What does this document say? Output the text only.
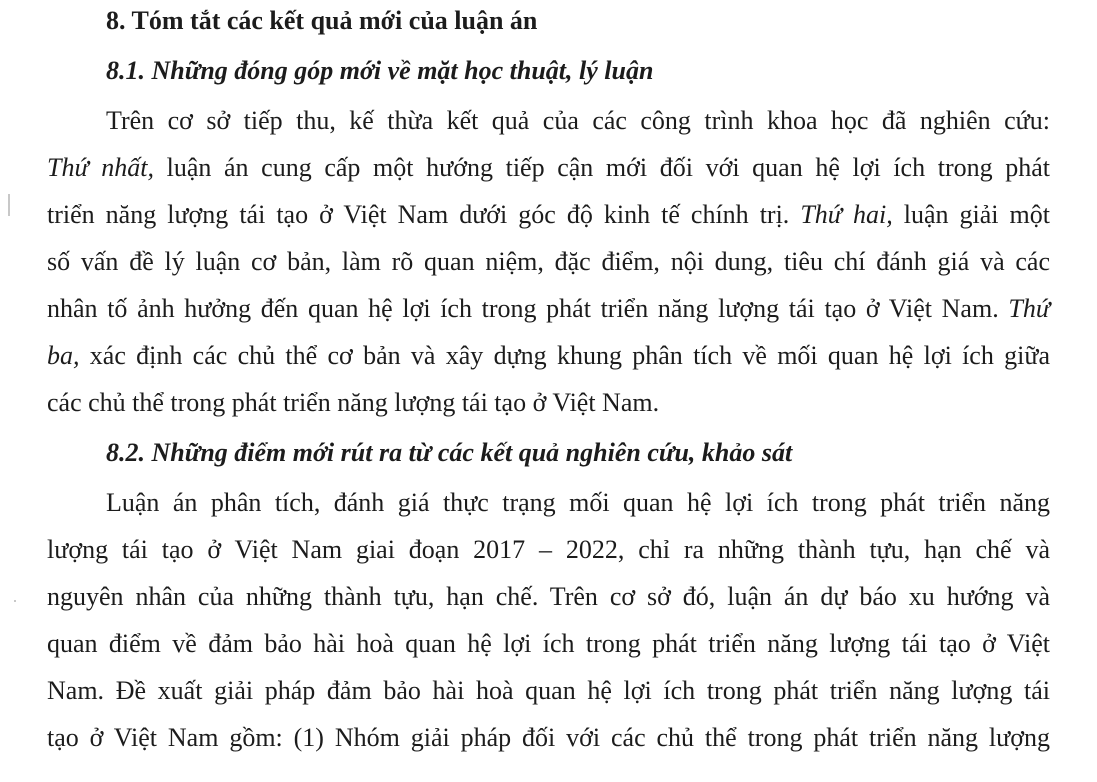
8. Tóm tắt các kết quả mới của luận án
8.1. Những đóng góp mới về mặt học thuật, lý luận
Trên cơ sở tiếp thu, kế thừa kết quả của các công trình khoa học đã nghiên cứu:
Thứ nhất, luận án cung cấp một hướng tiếp cận mới đối với quan hệ lợi ích trong phát
triển năng lượng tái tạo ở Việt Nam dưới góc độ kinh tế chính trị. Thứ hai, luận giải một
số vấn đề lý luận cơ bản, làm rõ quan niệm, đặc điểm, nội dung, tiêu chí đánh giá và các
nhân tố ảnh hưởng đến quan hệ lợi ích trong phát triển năng lượng tái tạo ở Việt Nam. Thứ
ba, xác định các chủ thể cơ bản và xây dựng khung phân tích về mối quan hệ lợi ích giữa
các chủ thể trong phát triển năng lượng tái tạo ở Việt Nam.
8.2. Những điểm mới rút ra từ các kết quả nghiên cứu, khảo sát
Luận án phân tích, đánh giá thực trạng mối quan hệ lợi ích trong phát triển năng
lượng tái tạo ở Việt Nam giai đoạn 2017 – 2022, chỉ ra những thành tựu, hạn chế và
nguyên nhân của những thành tựu, hạn chế. Trên cơ sở đó, luận án dự báo xu hướng và
quan điểm về đảm bảo hài hoà quan hệ lợi ích trong phát triển năng lượng tái tạo ở Việt
Nam. Đề xuất giải pháp đảm bảo hài hoà quan hệ lợi ích trong phát triển năng lượng tái
tạo ở Việt Nam gồm: (1) Nhóm giải pháp đối với các chủ thể trong phát triển năng lượng
